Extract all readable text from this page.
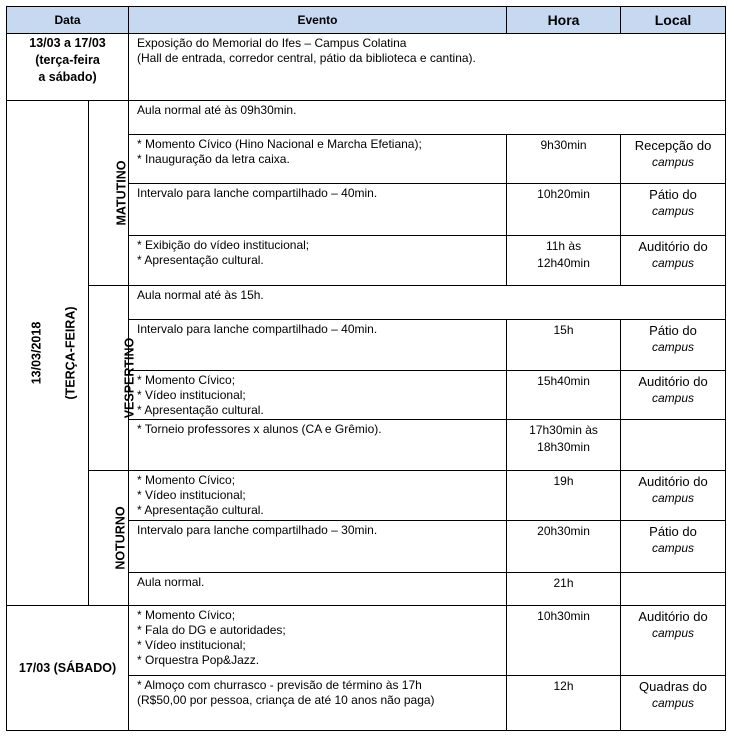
Data		Evento	Hora	Local

13/03 a 17/03
(terça-feira
a sábado)		Exposição do Memorial do Ifes – Campus Colatina
(Hall de entrada, corredor central, pátio da biblioteca e cantina).		

13/03/2018 (TERÇA-FEIRA)	MATUTINO	Aula normal até às 09h30min.		

		* Momento Cívico (Hino Nacional e Marcha Efetiana);
* Inauguração da letra caixa.	9h30min	Recepção do
campus

		Intervalo para lanche compartilhado – 40min.	10h20min	Pátio do
campus

		* Exibição do vídeo institucional;
* Apresentação cultural.	11h às
12h40min	Auditório do
campus

	VESPERTINO	Aula normal até às 15h.		

		Intervalo para lanche compartilhado – 40min.	15h	Pátio do
campus

		* Momento Cívico;
* Vídeo institucional;
* Apresentação cultural.	15h40min	Auditório do
campus

		* Torneio professores x alunos (CA e Grêmio).	17h30min às
18h30min	

	NOTURNO	* Momento Cívico;
* Vídeo institucional;
* Apresentação cultural.	19h	Auditório do
campus

		Intervalo para lanche compartilhado – 30min.	20h30min	Pátio do
campus

		Aula normal.	21h	

17/03 (SÁBADO)		* Momento Cívico;
* Fala do DG e autoridades;
* Vídeo institucional;
* Orquestra Pop&Jazz.	10h30min	Auditório do
campus

		* Almoço com churrasco - previsão de término às 17h
(R$50,00 por pessoa, criança de até 10 anos não paga)	12h	Quadras do
campus
